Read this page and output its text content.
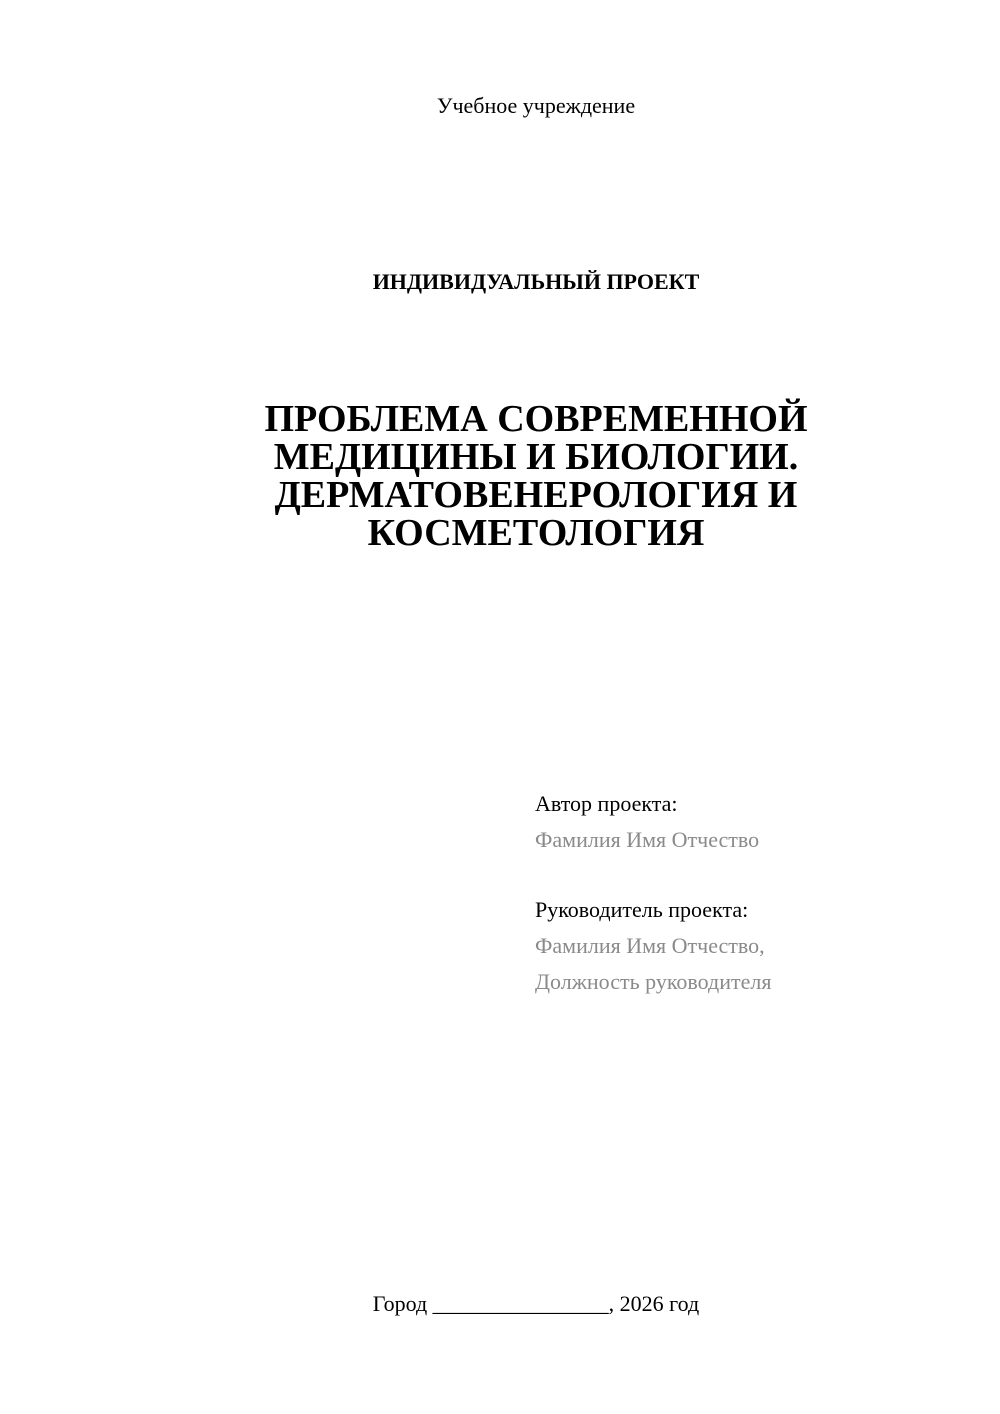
Учебное учреждение
ИНДИВИДУАЛЬНЫЙ ПРОЕКТ
ПРОБЛЕМА СОВРЕМЕННОЙ
МЕДИЦИНЫ И БИОЛОГИИ.
ДЕРМАТОВЕНЕРОЛОГИЯ И
КОСМЕТОЛОГИЯ
Автор проекта:
Фамилия Имя Отчество
Руководитель проекта:
Фамилия Имя Отчество,
Должность руководителя
Город ________________, 2026 год
